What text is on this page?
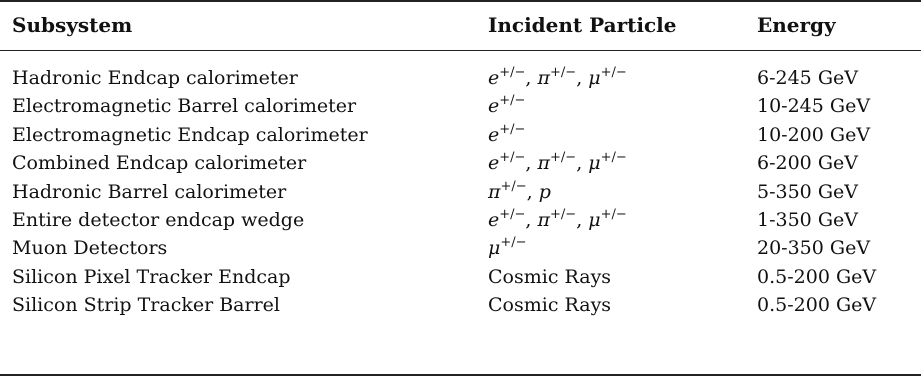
Subsystem	Incident Particle	Energy
Hadronic Endcap calorimeter	e+/−, π+/−, μ+/−	6-245 GeV
Electromagnetic Barrel calorimeter	e+/−	10-245 GeV
Electromagnetic Endcap calorimeter	e+/−	10-200 GeV
Combined Endcap calorimeter	e+/−, π+/−, μ+/−	6-200 GeV
Hadronic Barrel calorimeter	π+/−, p	5-350 GeV
Entire detector endcap wedge	e+/−, π+/−, μ+/−	1-350 GeV
Muon Detectors	μ+/−	20-350 GeV
Silicon Pixel Tracker Endcap	Cosmic Rays	0.5-200 GeV
Silicon Strip Tracker Barrel	Cosmic Rays	0.5-200 GeV
